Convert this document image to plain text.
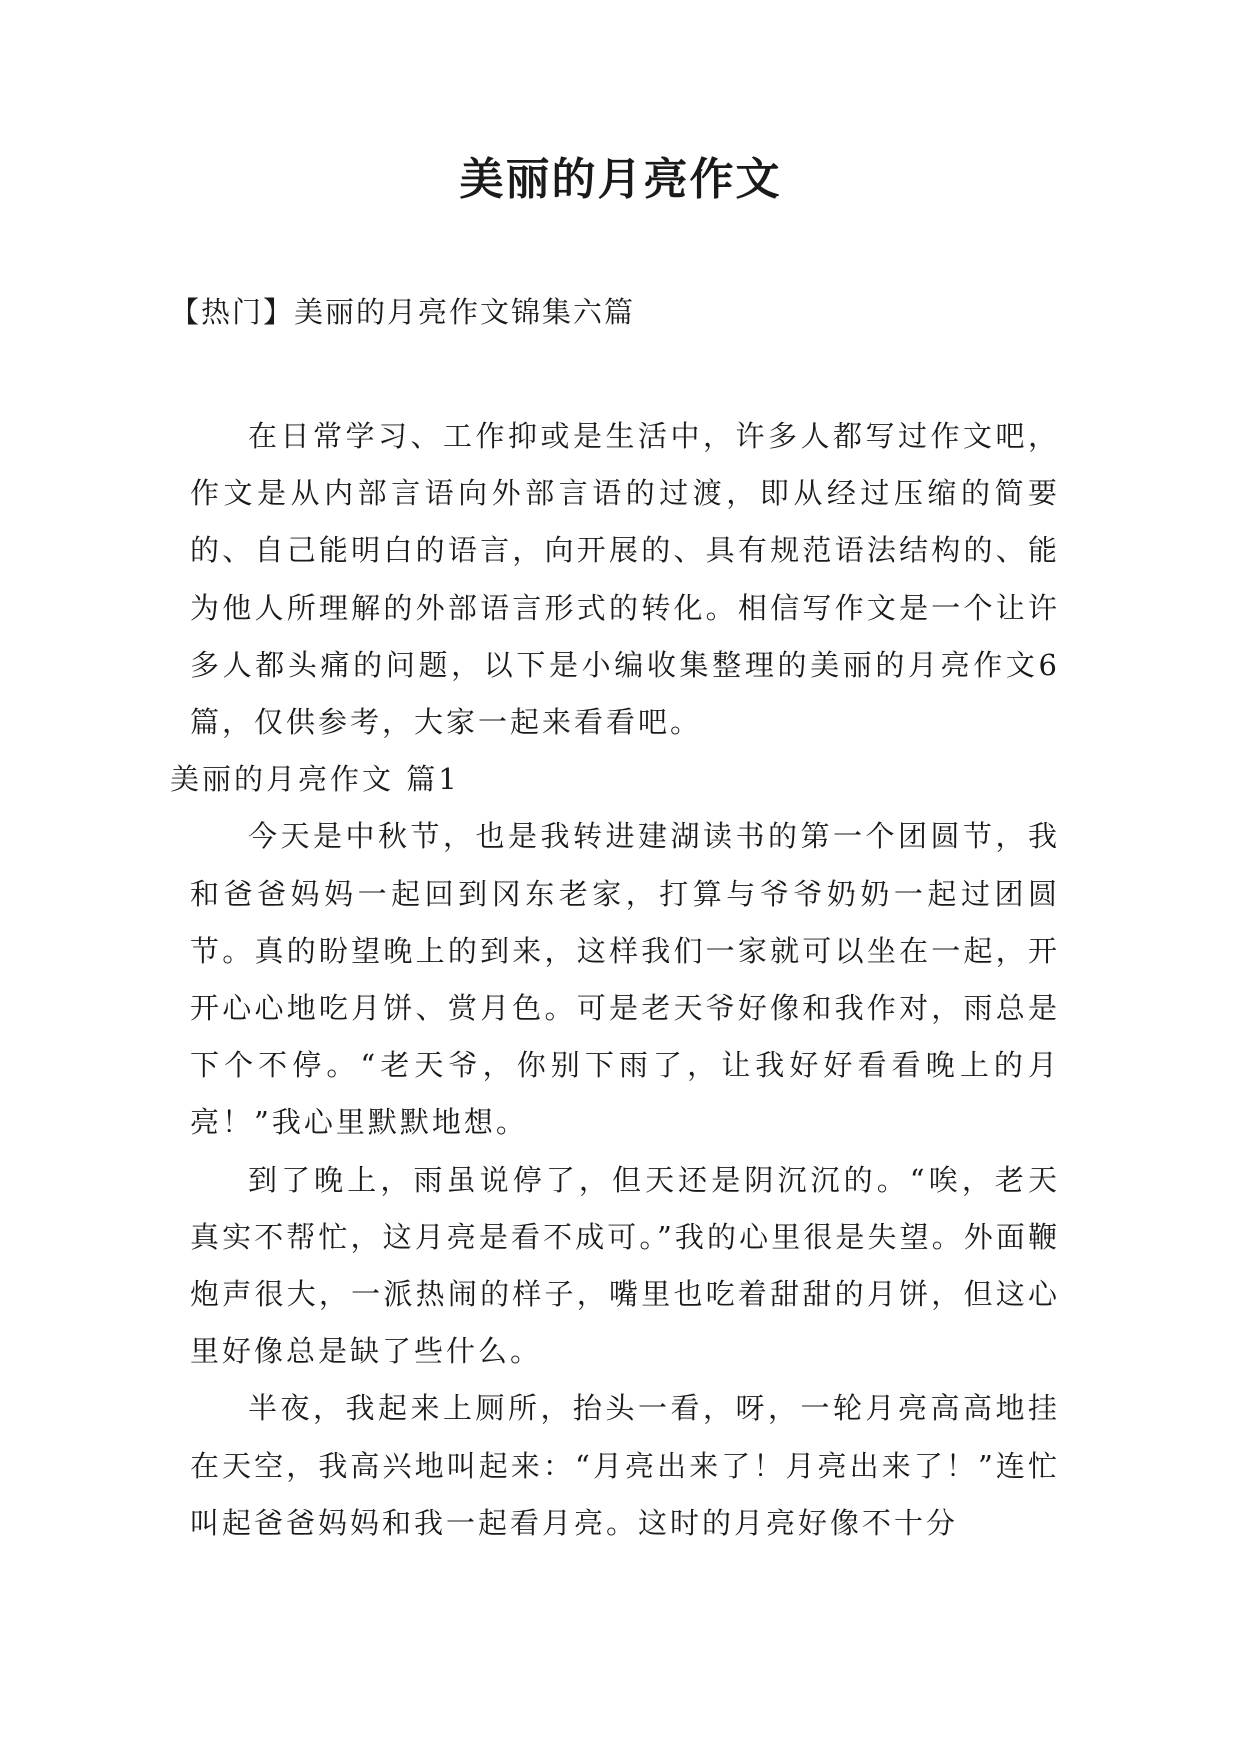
美丽的月亮作文
【热门】美丽的月亮作文锦集六篇

在日常学习、工作抑或是生活中，许多人都写过作文吧，作文是从内部言语向外部言语的过渡，即从经过压缩的简要的、自己能明白的语言，向开展的、具有规范语法结构的、能为他人所理解的外部语言形式的转化。相信写作文是一个让许多人都头痛的问题，以下是小编收集整理的美丽的月亮作文6篇，仅供参考，大家一起来看看吧。

美丽的月亮作文 篇1

今天是中秋节，也是我转进建湖读书的第一个团圆节，我和爸爸妈妈一起回到冈东老家，打算与爷爷奶奶一起过团圆节。真的盼望晚上的到来，这样我们一家就可以坐在一起，开开心心地吃月饼、赏月色。可是老天爷好像和我作对，雨总是下个不停。“老天爷，你别下雨了，让我好好看看晚上的月亮！”我心里默默地想。

到了晚上，雨虽说停了，但天还是阴沉沉的。“唉，老天真实不帮忙，这月亮是看不成可。”我的心里很是失望。外面鞭炮声很大，一派热闹的样子，嘴里也吃着甜甜的月饼，但这心里好像总是缺了些什么。

半夜，我起来上厕所，抬头一看，呀，一轮月亮高高地挂在天空，我高兴地叫起来：“月亮出来了！月亮出来了！”连忙叫起爸爸妈妈和我一起看月亮。这时的月亮好像不十分
